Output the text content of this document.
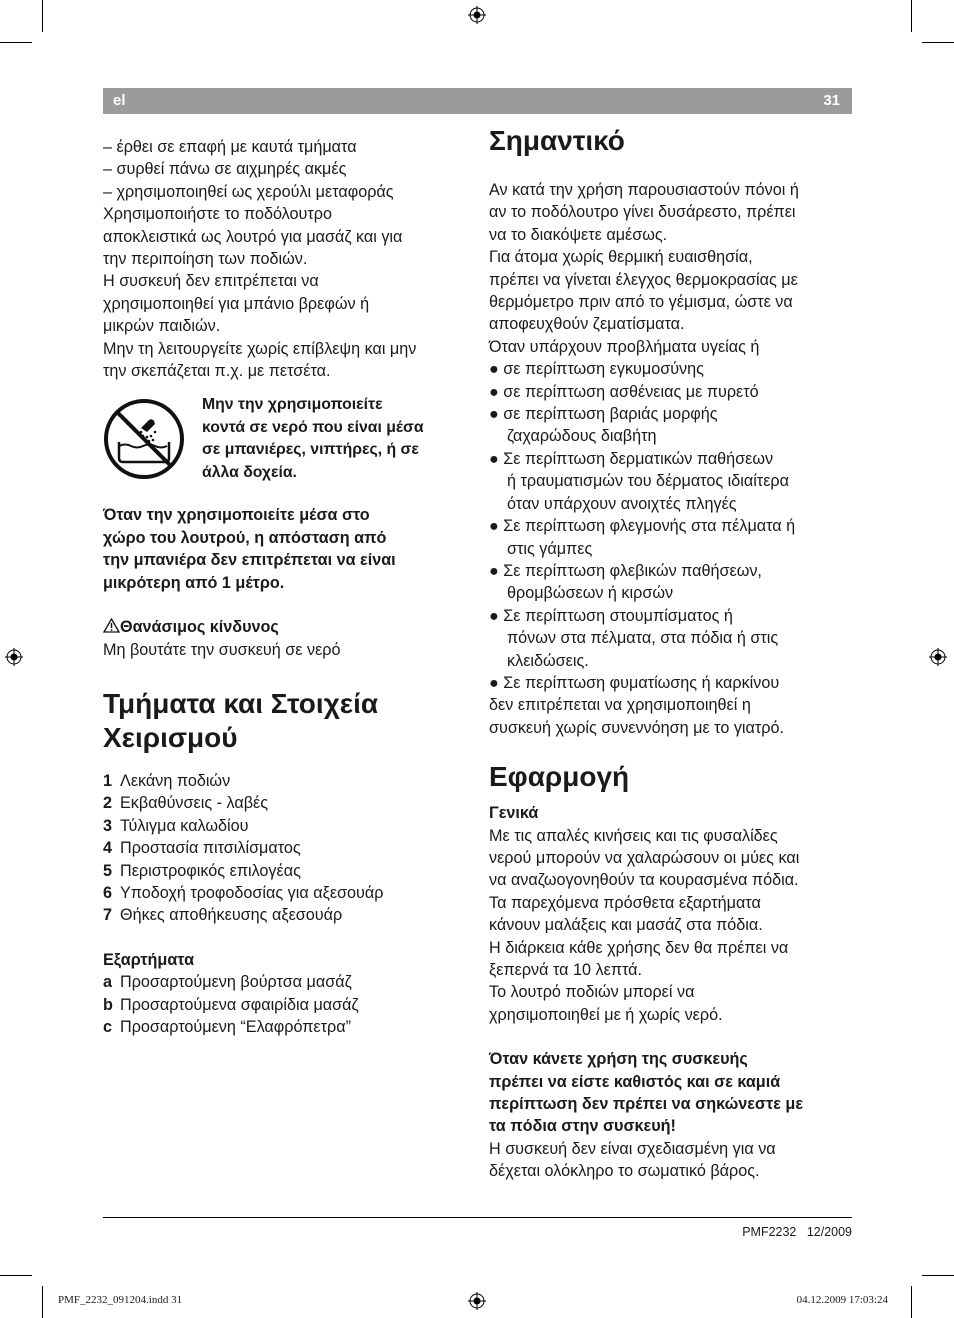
el	31
– έρθει σε επαφή με καυτά τμήματα
– συρθεί πάνω σε αιχμηρές ακμές
– χρησιμοποιηθεί ως χερούλι μεταφοράς
Χρησιμοποιήστε το ποδόλουτρο
αποκλειστικά ως λουτρό για μασάζ και για
την περιποίηση των ποδιών.
Η συσκευή δεν επιτρέπεται να
χρησιμοποιηθεί για μπάνιο βρεφών ή
μικρών παιδιών.
Μην τη λειτουργείτε χωρίς επίβλεψη και μην
την σκεπάζεται π.χ. με πετσέτα.
Μην την χρησιμοποιείτε
κοντά σε νερό που είναι μέσα
σε μπανιέρες, νιπτήρες, ή σε
άλλα δοχεία.
Όταν την χρησιμοποιείτε μέσα στο
χώρο του λουτρού, η απόσταση από
την μπανιέρα δεν επιτρέπεται να είναι
μικρότερη από 1 μέτρο.
Θανάσιμος κίνδυνος
Μη βουτάτε την συσκευή σε νερό
Τμήματα και Στοιχεία
Χειρισμού
1 Λεκάνη ποδιών
2 Εκβαθύνσεις - λαβές
3 Τύλιγμα καλωδίου
4 Προστασία πιτσιλίσματος
5 Περιστροφικός επιλογέας
6 Υποδοχή τροφοδοσίας για αξεσουάρ
7 Θήκες αποθήκευσης αξεσουάρ
Εξαρτήματα
a Προσαρτούμενη βούρτσα μασάζ
b Προσαρτούμενα σφαιρίδια μασάζ
c Προσαρτούμενη “Ελαφρόπετρα”
Σημαντικό
Αν κατά την χρήση παρουσιαστούν πόνοι ή
αν το ποδόλουτρο γίνει δυσάρεστο, πρέπει
να το διακόψετε αμέσως.
Για άτομα χωρίς θερμική ευαισθησία,
πρέπει να γίνεται έλεγχος θερμοκρασίας με
θερμόμετρο πριν από το γέμισμα, ώστε να
αποφευχθούν ζεματίσματα.
Όταν υπάρχουν προβλήματα υγείας ή
● σε περίπτωση εγκυμοσύνης
● σε περίπτωση ασθένειας με πυρετό
● σε περίπτωση βαριάς μορφής
ζαχαρώδους διαβήτη
● Σε περίπτωση δερματικών παθήσεων
ή τραυματισμών του δέρματος ιδιαίτερα
όταν υπάρχουν ανοιχτές πληγές
● Σε περίπτωση φλεγμονής στα πέλματα ή
στις γάμπες
● Σε περίπτωση φλεβικών παθήσεων,
θρομβώσεων ή κιρσών
● Σε περίπτωση στουμπίσματος ή
πόνων στα πέλματα, στα πόδια ή στις
κλειδώσεις.
● Σε περίπτωση φυματίωσης ή καρκίνου
δεν επιτρέπεται να χρησιμοποιηθεί η
συσκευή χωρίς συνεννόηση με το γιατρό.
Εφαρμογή
Γενικά
Με τις απαλές κινήσεις και τις φυσαλίδες
νερού μπορούν να χαλαρώσουν οι μύες και
να αναζωογονηθούν τα κουρασμένα πόδια.
Τα παρεχόμενα πρόσθετα εξαρτήματα
κάνουν μαλάξεις και μασάζ στα πόδια.
Η διάρκεια κάθε χρήσης δεν θα πρέπει να
ξεπερνά τα 10 λεπτά.
Το λουτρό ποδιών μπορεί να
χρησιμοποιηθεί με ή χωρίς νερό.
Όταν κάνετε χρήση της συσκευής
πρέπει να είστε καθιστός και σε καμιά
περίπτωση δεν πρέπει να σηκώνεστε με
τα πόδια στην συσκευή!
Η συσκευή δεν είναι σχεδιασμένη για να
δέχεται ολόκληρο το σωματικό βάρος.
PMF2232 12/2009
PMF_2232_091204.indd 31	04.12.2009 17:03:24
